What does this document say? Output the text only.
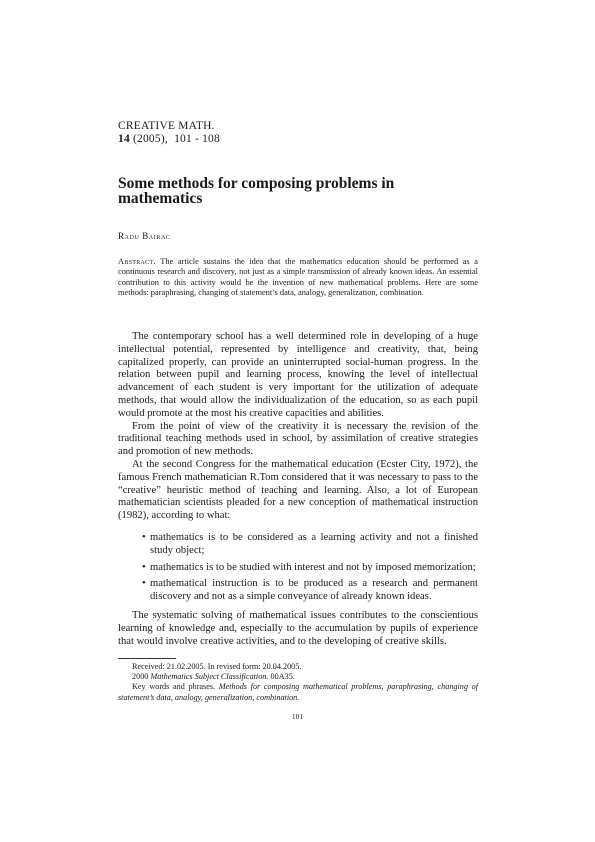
CREATIVE MATH.
14 (2005), 101 - 108
Some methods for composing problems in mathematics
Radu Bairac
Abstract. The article sustains the idea that the mathematics education should be performed as a continuous research and discovery, not just as a simple transmission of already known ideas. An essential contribution to this activity would be the invention of new mathematical problems. Here are some methods: paraphrasing, changing of statement’s data, analogy, generalization, combination.

The contemporary school has a well determined role in developing of a huge intellectual potential, represented by intelligence and creativity, that, being capitalized properly, can provide an uninterrupted social-human progress. In the relation between pupil and learning process, knowing the level of intellectual advancement of each student is very important for the utilization of adequate methods, that would allow the individualization of the education, so as each pupil would promote at the most his creative capacities and abilities.

From the point of view of the creativity it is necessary the revision of the traditional teaching methods used in school, by assimilation of creative strategies and promotion of new methods.

At the second Congress for the mathematical education (Ecster City, 1972), the famous French mathematician R.Tom considered that it was necessary to pass to the “creative” heuristic method of teaching and learning. Also, a lot of European mathematician scientists pleaded for a new conception of mathematical instruction (1982), according to what:

• mathematics is to be considered as a learning activity and not a finished study object;
• mathematics is to be studied with interest and not by imposed memorization;
• mathematical instruction is to be produced as a research and permanent discovery and not as a simple conveyance of already known ideas.

The systematic solving of mathematical issues contributes to the conscientious learning of knowledge and, especially to the accumulation by pupils of experience that would involve creative activities, and to the developing of creative skills.

Received: 21.02.2005. In revised form: 20.04.2005.
2000 Mathematics Subject Classification. 00A35.
Key words and phrases. Methods for composing mathematical problems, paraphrasing, changing of statement’s data, analogy, generalization, combination.
101
